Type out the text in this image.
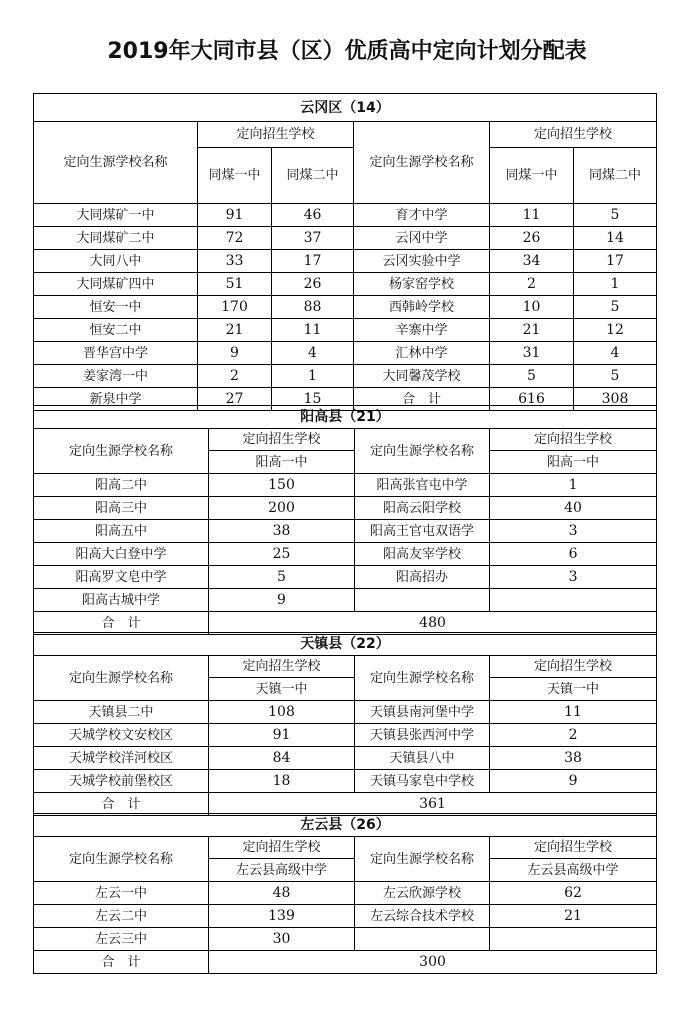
2019年大同市县（区）优质高中定向计划分配表
云冈区（14）					
定向生源学校名称	定向招生学校		定向生源学校名称	定向招生学校	
	同煤一中	同煤二中		同煤一中	同煤二中
大同煤矿一中	91	46	育才中学	11	5
大同煤矿二中	72	37	云冈中学	26	14
大同八中	33	17	云冈实验中学	34	17
大同煤矿四中	51	26	杨家窑学校	2	1
恒安一中	170	88	西韩岭学校	10	5
恒安二中	21	11	辛寨中学	21	12
晋华宫中学	9	4	汇林中学	31	4
姜家湾一中	2	1	大同馨茂学校	5	5
新泉中学	27	15	合　计	616	308
阳高县（21）			
定向生源学校名称	定向招生学校	定向生源学校名称	定向招生学校
	阳高一中		阳高一中
阳高二中	150	阳高张官屯中学	1
阳高三中	200	阳高云阳学校	40
阳高五中	38	阳高王官屯双语学	3
阳高大白登中学	25	阳高友宰学校	6
阳高罗文皂中学	5	阳高招办	3
阳高古城中学	9		
合　计	480		
天镇县（22）			
定向生源学校名称	定向招生学校	定向生源学校名称	定向招生学校
	天镇一中		天镇一中
天镇县二中	108	天镇县南河堡中学	11
天城学校文安校区	91	天镇县张西河中学	2
天城学校洋河校区	84	天镇县八中	38
天城学校前堡校区	18	天镇马家皂中学校	9
合　计	361		
左云县（26）			
定向生源学校名称	定向招生学校	定向生源学校名称	定向招生学校
	左云县高级中学		左云县高级中学
左云一中	48	左云欣源学校	62
左云二中	139	左云综合技术学校	21
左云三中	30		
合　计	300		
